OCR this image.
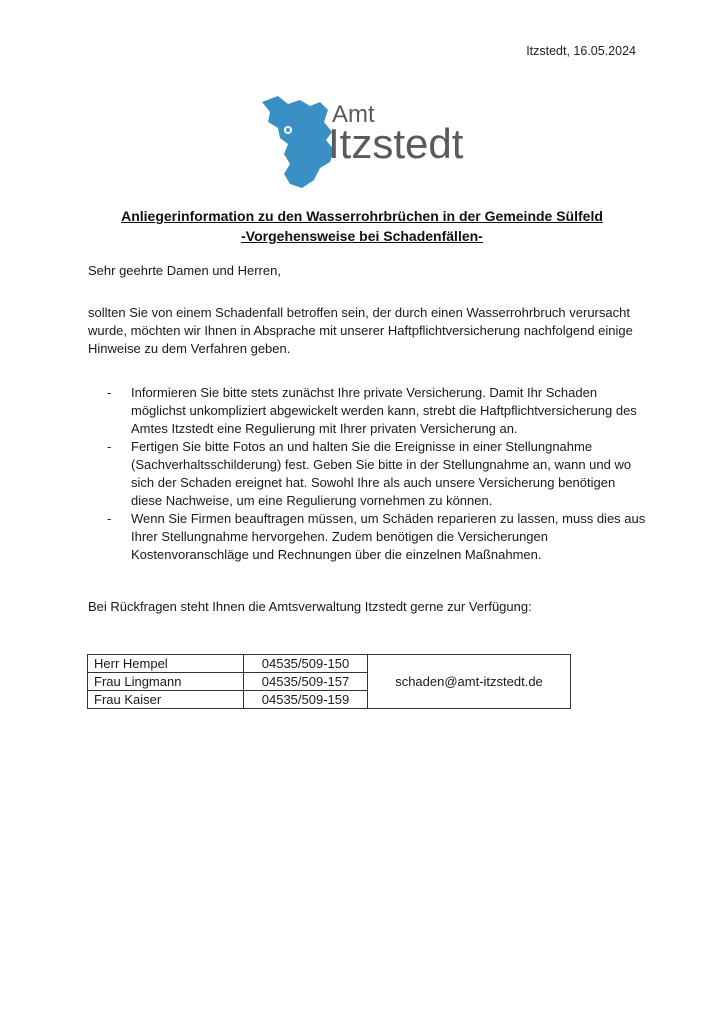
Itzstedt, 16.05.2024
Amt
Itzstedt
Anliegerinformation zu den Wasserrohrbrüchen in der Gemeinde Sülfeld
-Vorgehensweise bei Schadenfällen-
Sehr geehrte Damen und Herren,
sollten Sie von einem Schadenfall betroffen sein, der durch einen Wasserrohrbruch verursacht wurde, möchten wir Ihnen in Absprache mit unserer Haftpflichtversicherung nachfolgend einige Hinweise zu dem Verfahren geben.
- Informieren Sie bitte stets zunächst Ihre private Versicherung. Damit Ihr Schaden möglichst unkompliziert abgewickelt werden kann, strebt die Haftpflichtversicherung des Amtes Itzstedt eine Regulierung mit Ihrer privaten Versicherung an.
- Fertigen Sie bitte Fotos an und halten Sie die Ereignisse in einer Stellungnahme (Sachverhaltsschilderung) fest. Geben Sie bitte in der Stellungnahme an, wann und wo sich der Schaden ereignet hat. Sowohl Ihre als auch unsere Versicherung benötigen diese Nachweise, um eine Regulierung vornehmen zu können.
- Wenn Sie Firmen beauftragen müssen, um Schäden reparieren zu lassen, muss dies aus Ihrer Stellungnahme hervorgehen. Zudem benötigen die Versicherungen Kostenvoranschläge und Rechnungen über die einzelnen Maßnahmen.
Bei Rückfragen steht Ihnen die Amtsverwaltung Itzstedt gerne zur Verfügung:
Herr Hempel	04535/509-150	schaden@amt-itzstedt.de
Frau Lingmann	04535/509-157	
Frau Kaiser	04535/509-159	
